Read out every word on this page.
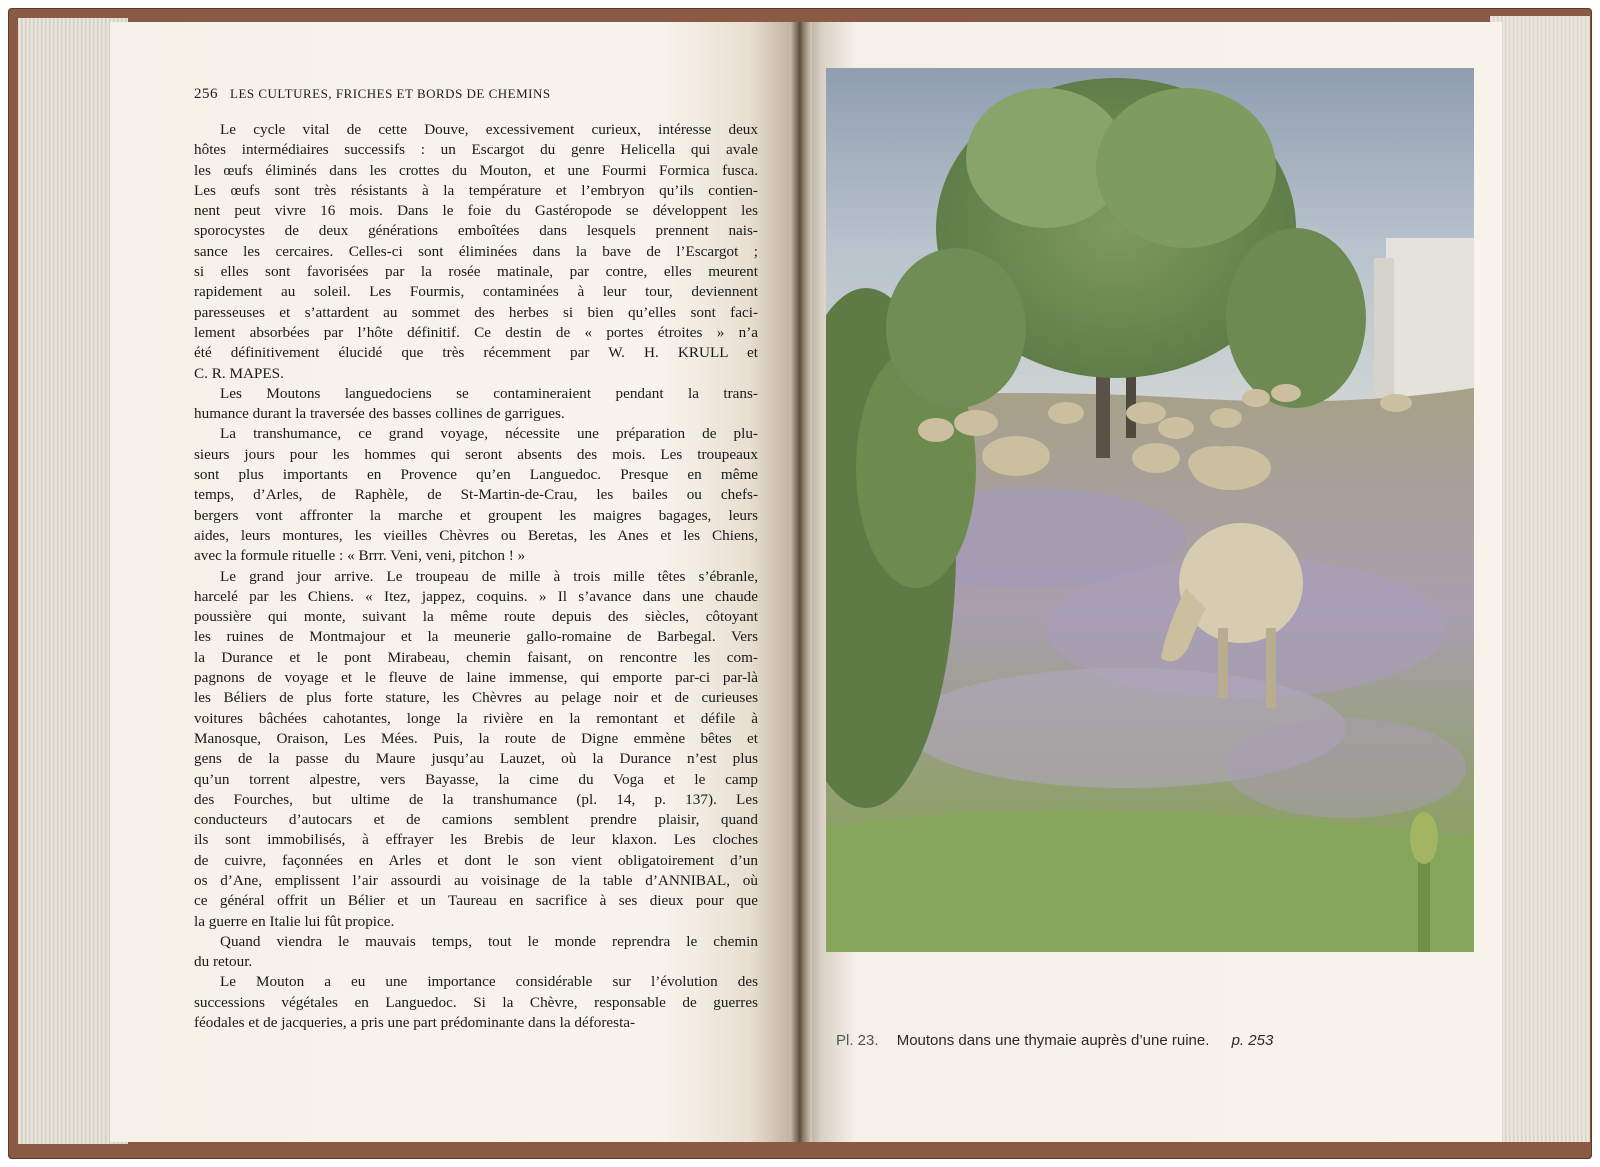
256 LES CULTURES, FRICHES ET BORDS DE CHEMINS
Le cycle vital de cette Douve, excessivement curieux, intéresse deux
hôtes intermédiaires successifs : un Escargot du genre Helicella qui avale
les œufs éliminés dans les crottes du Mouton, et une Fourmi Formica fusca.
Les œufs sont très résistants à la température et l’embryon qu’ils contien-
nent peut vivre 16 mois. Dans le foie du Gastéropode se développent les
sporocystes de deux générations emboîtées dans lesquels prennent nais-
sance les cercaires. Celles-ci sont éliminées dans la bave de l’Escargot ;
si elles sont favorisées par la rosée matinale, par contre, elles meurent
rapidement au soleil. Les Fourmis, contaminées à leur tour, deviennent
paresseuses et s’attardent au sommet des herbes si bien qu’elles sont faci-
lement absorbées par l’hôte définitif. Ce destin de « portes étroites » n’a
été définitivement élucidé que très récemment par W. H. KRULL et
C. R. MAPES.
Les Moutons languedociens se contamineraient pendant la trans-
humance durant la traversée des basses collines de garrigues.
La transhumance, ce grand voyage, nécessite une préparation de plu-
sieurs jours pour les hommes qui seront absents des mois. Les troupeaux
sont plus importants en Provence qu’en Languedoc. Presque en même
temps, d’Arles, de Raphèle, de St-Martin-de-Crau, les bailes ou chefs-
bergers vont affronter la marche et groupent les maigres bagages, leurs
aides, leurs montures, les vieilles Chèvres ou Beretas, les Anes et les Chiens,
avec la formule rituelle : « Brrr. Veni, veni, pitchon ! »
Le grand jour arrive. Le troupeau de mille à trois mille têtes s’ébranle,
harcelé par les Chiens. « Itez, jappez, coquins. » Il s’avance dans une chaude
poussière qui monte, suivant la même route depuis des siècles, côtoyant
les ruines de Montmajour et la meunerie gallo-romaine de Barbegal. Vers
la Durance et le pont Mirabeau, chemin faisant, on rencontre les com-
pagnons de voyage et le fleuve de laine immense, qui emporte par-ci par-là
les Béliers de plus forte stature, les Chèvres au pelage noir et de curieuses
voitures bâchées cahotantes, longe la rivière en la remontant et défile à
Manosque, Oraison, Les Mées. Puis, la route de Digne emmène bêtes et
gens de la passe du Maure jusqu’au Lauzet, où la Durance n’est plus
qu’un torrent alpestre, vers Bayasse, la cime du Voga et le camp
des Fourches, but ultime de la transhumance (pl. 14, p. 137). Les
conducteurs d’autocars et de camions semblent prendre plaisir, quand
ils sont immobilisés, à effrayer les Brebis de leur klaxon. Les cloches
de cuivre, façonnées en Arles et dont le son vient obligatoirement d’un
os d’Ane, emplissent l’air assourdi au voisinage de la table d’ANNIBAL, où
ce général offrit un Bélier et un Taureau en sacrifice à ses dieux pour que
la guerre en Italie lui fût propice.
Quand viendra le mauvais temps, tout le monde reprendra le chemin
du retour.
Le Mouton a eu une importance considérable sur l’évolution des
successions végétales en Languedoc. Si la Chèvre, responsable de guerres
féodales et de jacqueries, a pris une part prédominante dans la déforesta-
Pl. 23. Moutons dans une thymaie auprès d’une ruine. p. 253
